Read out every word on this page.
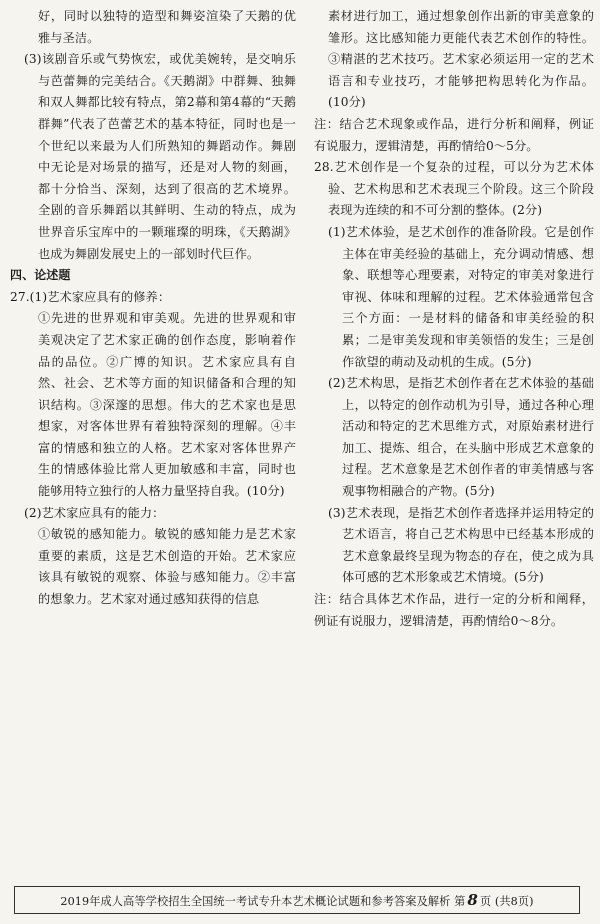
好，同时以独特的造型和舞姿渲染了天鹅的优雅与圣洁。

(3)该剧音乐或气势恢宏，或优美婉转，是交响乐与芭蕾舞的完美结合。《天鹅湖》中群舞、独舞和双人舞都比较有特点，第2幕和第4幕的“天鹅群舞”代表了芭蕾艺术的基本特征，同时也是一个世纪以来最为人们所熟知的舞蹈动作。舞剧中无论是对场景的描写，还是对人物的刻画，都十分恰当、深刻，达到了很高的艺术境界。全剧的音乐舞蹈以其鲜明、生动的特点，成为世界音乐宝库中的一颗璀璨的明珠，《天鹅湖》也成为舞剧发展史上的一部划时代巨作。

四、论述题

27.(1)艺术家应具有的修养：

①先进的世界观和审美观。先进的世界观和审美观决定了艺术家正确的创作态度，影响着作品的品位。②广博的知识。艺术家应具有自然、社会、艺术等方面的知识储备和合理的知识结构。③深邃的思想。伟大的艺术家也是思想家，对客体世界有着独特深刻的理解。④丰富的情感和独立的人格。艺术家对客体世界产生的情感体验比常人更加敏感和丰富，同时也能够用特立独行的人格力量坚持自我。(10分)

(2)艺术家应具有的能力：

①敏锐的感知能力。敏锐的感知能力是艺术家重要的素质，这是艺术创造的开始。艺术家应该具有敏锐的观察、体验与感知能力。②丰富的想象力。艺术家对通过感知获得的信息

素材进行加工，通过想象创作出新的审美意象的雏形。这比感知能力更能代表艺术创作的特性。③精湛的艺术技巧。艺术家必须运用一定的艺术语言和专业技巧，才能够把构思转化为作品。(10分)

注：结合艺术现象或作品，进行分析和阐释，例证有说服力，逻辑清楚，再酌情给0～5分。

28.艺术创作是一个复杂的过程，可以分为艺术体验、艺术构思和艺术表现三个阶段。这三个阶段表现为连续的和不可分割的整体。(2分)

(1)艺术体验，是艺术创作的准备阶段。它是创作主体在审美经验的基础上，充分调动情感、想象、联想等心理要素，对特定的审美对象进行审视、体味和理解的过程。艺术体验通常包含三个方面：一是材料的储备和审美经验的积累；二是审美发现和审美领悟的发生；三是创作欲望的萌动及动机的生成。(5分)

(2)艺术构思，是指艺术创作者在艺术体验的基础上，以特定的创作动机为引导，通过各种心理活动和特定的艺术思维方式，对原始素材进行加工、提炼、组合，在头脑中形成艺术意象的过程。艺术意象是艺术创作者的审美情感与客观事物相融合的产物。(5分)

(3)艺术表现，是指艺术创作者选择并运用特定的艺术语言，将自己艺术构思中已经基本形成的艺术意象最终呈现为物态的存在，使之成为具体可感的艺术形象或艺术情境。(5分)

注：结合具体艺术作品，进行一定的分析和阐释，例证有说服力，逻辑清楚，再酌情给0～8分。

2019年成人高等学校招生全国统一考试专升本艺术概论试题和参考答案及解析 第 8 页 (共8页)
